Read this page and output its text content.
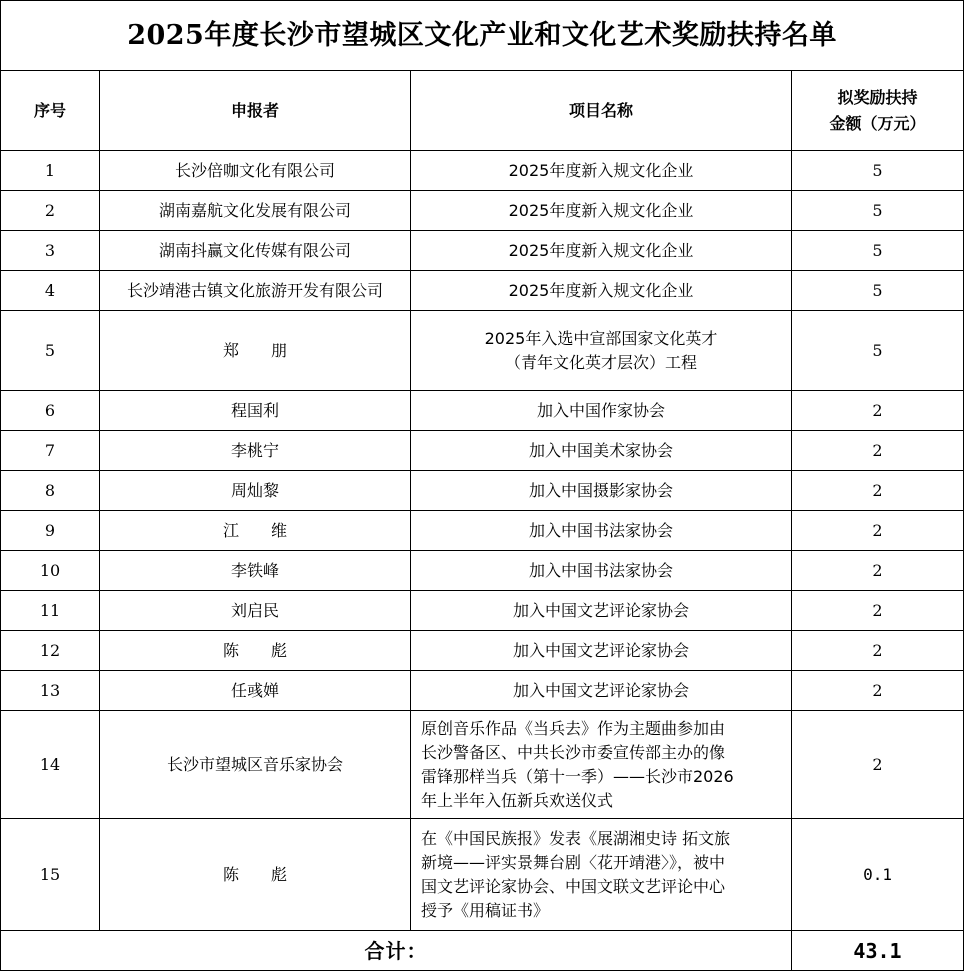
2025年度长沙市望城区文化产业和文化艺术奖励扶持名单			
序号	申报者	项目名称	拟奖励扶持
金额（万元）

1	长沙倍咖文化有限公司	2025年度新入规文化企业	5
2	湖南嘉航文化发展有限公司	2025年度新入规文化企业	5
3	湖南抖赢文化传媒有限公司	2025年度新入规文化企业	5
4	长沙靖港古镇文化旅游开发有限公司	2025年度新入规文化企业	5
5	郑　　朋	2025年入选中宣部国家文化英才
（青年文化英才层次）工程	5
6	程国利	加入中国作家协会	2
7	李桃宁	加入中国美术家协会	2
8	周灿黎	加入中国摄影家协会	2
9	江　　维	加入中国书法家协会	2
10	李铁峰	加入中国书法家协会	2
11	刘启民	加入中国文艺评论家协会	2
12	陈　　彪	加入中国文艺评论家协会	2
13	任彧婵	加入中国文艺评论家协会	2
14	长沙市望城区音乐家协会	原创音乐作品《当兵去》作为主题曲参加由
长沙警备区、中共长沙市委宣传部主办的像
雷锋那样当兵（第十一季）——长沙市2026
年上半年入伍新兵欢送仪式	2
15	陈　　彪	在《中国民族报》发表《展湖湘史诗 拓文旅
新境——评实景舞台剧〈花开靖港〉》，被中
国文艺评论家协会、中国文联文艺评论中心
授予《用稿证书》	0.1
合计：			43.1
